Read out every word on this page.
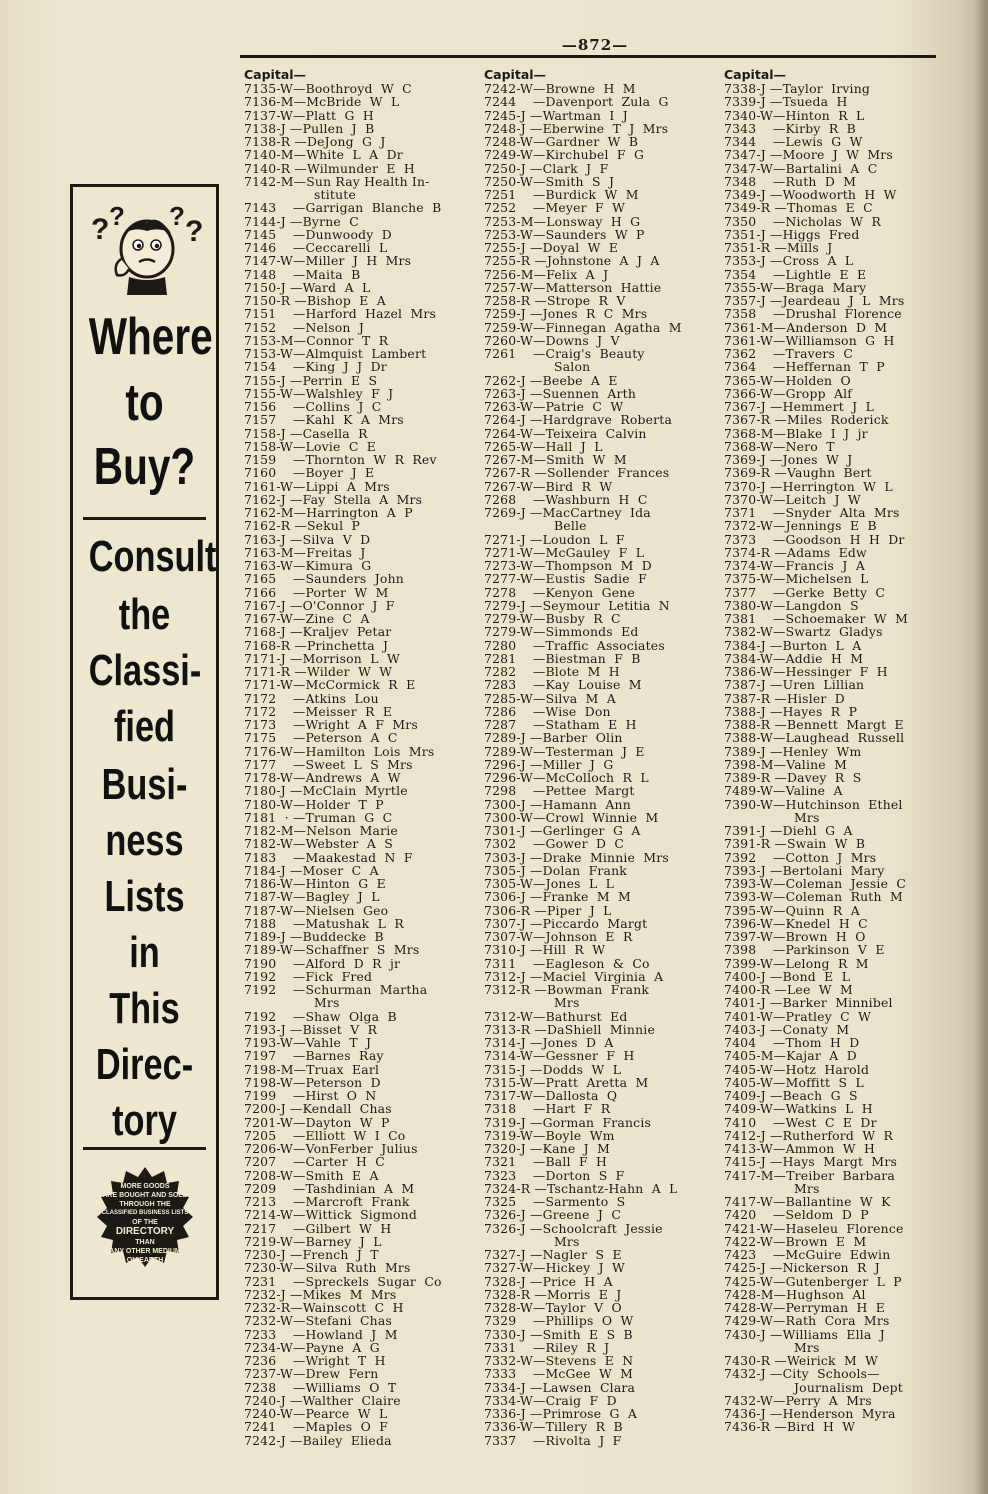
—872—
? ? ? ?
Where
to
Buy?
Consult
the
Classi-
fied
Busi-
ness
Lists
in
This
Direc-
tory
MORE GOODS
ARE BOUGHT AND SOLD
THROUGH THE
CLASSIFIED BUSINESS LISTS
OF THE
DIRECTORY
THAN
ANY OTHER MEDIUM
ON EARTH
Capital—
7135-W—Boothroyd  W  C
7136-M—McBride  W  L
7137-W—Platt  G  H
7138-J —Pullen  J  B
7138-R —DeJong  G  J
7140-M—White  L  A  Dr
7140-R —Wilmunder  E  H
7142-M—Sun Ray Health In-
stitute
7143    —Garrigan  Blanche  B
7144-J —Byrne  C
7145    —Dunwoody  D
7146    —Ceccarelli  L
7147-W—Miller  J  H  Mrs
7148    —Maita  B
7150-J —Ward  A  L
7150-R —Bishop  E  A
7151    —Harford  Hazel  Mrs
7152    —Nelson  J
7153-M—Connor  T  R
7153-W—Almquist  Lambert
7154    —King  J  J  Dr
7155-J —Perrin  E  S
7155-W—Walshley  F  J
7156    —Collins  J  C
7157    —Kahl  K  A  Mrs
7158-J —Casella  R
7158-W—Lovie  C  E
7159    —Thornton  W  R  Rev
7160    —Boyer  J  E
7161-W—Lippi  A  Mrs
7162-J —Fay  Stella  A  Mrs
7162-M—Harrington  A  P
7162-R —Sekul  P
7163-J —Silva  V  D
7163-M—Freitas  J
7163-W—Kimura  G
7165    —Saunders  John
7166    —Porter  W  M
7167-J —O'Connor  J  F
7167-W—Zine  C  A
7168-J —Kraljev  Petar
7168-R —Princhetta  J
7171-J —Morrison  L  W
7171-R —Wilder  W  W
7171-W—McCormick  R  E
7172    —Atkins  Lou
7172    —Meisser  R  E
7173    —Wright  A  F  Mrs
7175    —Peterson  A  C
7176-W—Hamilton  Lois  Mrs
7177    —Sweet  L  S  Mrs
7178-W—Andrews  A  W
7180-J —McClain  Myrtle
7180-W—Holder  T  P
7181  · —Truman  G  C
7182-M—Nelson  Marie
7182-W—Webster  A  S
7183    —Maakestad  N  F
7184-J —Moser  C  A
7186-W—Hinton  G  E
7187-W—Bagley  J  L
7187-W—Nielsen  Geo
7188    —Matushak  L  R
7189-J —Buddecke  B
7189-W—Schaffner  S  Mrs
7190    —Alford  D  R  jr
7192    —Fick  Fred
7192    —Schurman  Martha
Mrs
7192    —Shaw  Olga  B
7193-J —Bisset  V  R
7193-W—Vahle  T  J
7197    —Barnes  Ray
7198-M—Truax  Earl
7198-W—Peterson  D
7199    —Hirst  O  N
7200-J —Kendall  Chas
7201-W—Dayton  W  P
7205    —Elliott  W  I  Co
7206-W—VonFerber  Julius
7207    —Carter  H  C
7208-W—Smith  E  A
7209    —Tashdinian  A  M
7213    —Marcroft  Frank
7214-W—Wittick  Sigmond
7217    —Gilbert  W  H
7219-W—Barney  J  L
7230-J —French  J  T
7230-W—Silva  Ruth  Mrs
7231    —Spreckels  Sugar  Co
7232-J —Mikes  M  Mrs
7232-R—Wainscott  C  H
7232-W—Stefani  Chas
7233    —Howland  J  M
7234-W—Payne  A  G
7236    —Wright  T  H
7237-W—Drew  Fern
7238    —Williams  O  T
7240-J —Walther  Claire
7240-W—Pearce  W  L
7241    —Maples  O  F
7242-J —Bailey  Elieda
Capital—
7242-W—Browne  H  M
7244    —Davenport  Zula  G
7245-J —Wartman  I  J
7248-J —Eberwine  T  J  Mrs
7248-W—Gardner  W  B
7249-W—Kirchubel  F  G
7250-J —Clark  J  F
7250-W—Smith  S  J
7251    —Burdick  W  M
7252    —Meyer  F  W
7253-M—Lonsway  H  G
7253-W—Saunders  W  P
7255-J —Doyal  W  E
7255-R —Johnstone  A  J  A
7256-M—Felix  A  J
7257-W—Matterson  Hattie
7258-R —Strope  R  V
7259-J —Jones  R  C  Mrs
7259-W—Finnegan  Agatha  M
7260-W—Downs  J  V
7261    —Craig's  Beauty
Salon
7262-J —Beebe  A  E
7263-J —Suennen  Arth
7263-W—Patrie  C  W
7264-J —Hardgrave  Roberta
7264-W—Teixeira  Calvin
7265-W—Hall  J  L
7267-M—Smith  W  M
7267-R —Sollender  Frances
7267-W—Bird  R  W
7268    —Washburn  H  C
7269-J —MacCartney  Ida
Belle
7271-J —Loudon  L  F
7271-W—McGauley  F  L
7273-W—Thompson  M  D
7277-W—Eustis  Sadie  F
7278    —Kenyon  Gene
7279-J —Seymour  Letitia  N
7279-W—Busby  R  C
7279-W—Simmonds  Ed
7280    —Traffic  Associates
7281    —Biestman  F  B
7282    —Blote  M  H
7283    —Kay  Louise  M
7285-W—Silva  M  A
7286    —Wise  Don
7287    —Statham  E  H
7289-J —Barber  Olin
7289-W—Testerman  J  E
7296-J —Miller  J  G
7296-W—McColloch  R  L
7298    —Pettee  Margt
7300-J —Hamann  Ann
7300-W—Crowl  Winnie  M
7301-J —Gerlinger  G  A
7302    —Gower  D  C
7303-J —Drake  Minnie  Mrs
7305-J —Dolan  Frank
7305-W—Jones  L  L
7306-J —Franke  M  M
7306-R —Piper  J  L
7307-J —Piccardo  Margt
7307-W—Johnson  E  R
7310-J —Hill  R  W
7311    —Eagleson  &  Co
7312-J —Maciel  Virginia  A
7312-R —Bowman  Frank
Mrs
7312-W—Bathurst  Ed
7313-R —DaShiell  Minnie
7314-J —Jones  D  A
7314-W—Gessner  F  H
7315-J —Dodds  W  L
7315-W—Pratt  Aretta  M
7317-W—Dallosta  Q
7318    —Hart  F  R
7319-J —Gorman  Francis
7319-W—Boyle  Wm
7320-J —Kane  J  M
7321    —Ball  F  H
7323    —Dorton  S  F
7324-R —Tschantz-Hahn  A  L
7325    —Sarmento  S
7326-J —Greene  J  C
7326-J —Schoolcraft  Jessie
Mrs
7327-J —Nagler  S  E
7327-W—Hickey  J  W
7328-J —Price  H  A
7328-R —Morris  E  J
7328-W—Taylor  V  O
7329    —Phillips  O  W
7330-J —Smith  E  S  B
7331    —Riley  R  J
7332-W—Stevens  E  N
7333    —McGee  W  M
7334-J —Lawsen  Clara
7334-W—Craig  F  D
7336-J —Primrose  G  A
7336-W—Tillery  R  B
7337    —Rivolta  J  F
Capital—
7338-J —Taylor  Irving
7339-J —Tsueda  H
7340-W—Hinton  R  L
7343    —Kirby  R  B
7344    —Lewis  G  W
7347-J —Moore  J  W  Mrs
7347-W—Bartalini  A  C
7348    —Ruth  D  M
7349-J —Woodworth  H  W
7349-R —Thomas  E  C
7350    —Nicholas  W  R
7351-J —Higgs  Fred
7351-R —Mills  J
7353-J —Cross  A  L
7354    —Lightle  E  E
7355-W—Braga  Mary
7357-J —Jeardeau  J  L  Mrs
7358    —Drushal  Florence
7361-M—Anderson  D  M
7361-W—Williamson  G  H
7362    —Travers  C
7364    —Heffernan  T  P
7365-W—Holden  O
7366-W—Gropp  Alf
7367-J —Hemmert  J  L
7367-R —Miles  Roderick
7368-M—Blake  I  J  jr
7368-W—Nero  T
7369-J —Jones  W  J
7369-R —Vaughn  Bert
7370-J —Herrington  W  L
7370-W—Leitch  J  W
7371    —Snyder  Alta  Mrs
7372-W—Jennings  E  B
7373    —Goodson  H  H  Dr
7374-R —Adams  Edw
7374-W—Francis  J  A
7375-W—Michelsen  L
7377    —Gerke  Betty  C
7380-W—Langdon  S
7381    —Schoemaker  W  M
7382-W—Swartz  Gladys
7384-J —Burton  L  A
7384-W—Addie  H  M
7386-W—Hessinger  F  H
7387-J —Uren  Lillian
7387-R —Hisler  D
7388-J —Hayes  R  P
7388-R —Bennett  Margt  E
7388-W—Laughead  Russell
7389-J —Henley  Wm
7398-M—Valine  M
7389-R —Davey  R  S
7489-W—Valine  A
7390-W—Hutchinson  Ethel
Mrs
7391-J —Diehl  G  A
7391-R —Swain  W  B
7392    —Cotton  J  Mrs
7393-J —Bertolani  Mary
7393-W—Coleman  Jessie  C
7393-W—Coleman  Ruth  M
7395-W—Quinn  R  A
7396-W—Knedel  H  C
7397-W—Brown  H  O
7398    —Parkinson  V  E
7399-W—Lelong  R  M
7400-J —Bond  E  L
7400-R —Lee  W  M
7401-J —Barker  Minnibel
7401-W—Pratley  C  W
7403-J —Conaty  M
7404    —Thom  H  D
7405-M—Kajar  A  D
7405-W—Hotz  Harold
7405-W—Moffitt  S  L
7409-J —Beach  G  S
7409-W—Watkins  L  H
7410    —West  C  E  Dr
7412-J —Rutherford  W  R
7413-W—Ammon  W  H
7415-J —Hays  Margt  Mrs
7417-M—Treiber  Barbara
Mrs
7417-W—Ballantine  W  K
7420    —Seldom  D  P
7421-W—Haseleu  Florence
7422-W—Brown  E  M
7423    —McGuire  Edwin
7425-J —Nickerson  R  J
7425-W—Gutenberger  L  P
7428-M—Hughson  Al
7428-W—Perryman  H  E
7429-W—Rath  Cora  Mrs
7430-J —Williams  Ella  J
Mrs
7430-R —Weirick  M  W
7432-J —City  Schools—
Journalism  Dept
7432-W—Perry  A  Mrs
7436-J —Henderson  Myra
7436-R —Bird  H  W
